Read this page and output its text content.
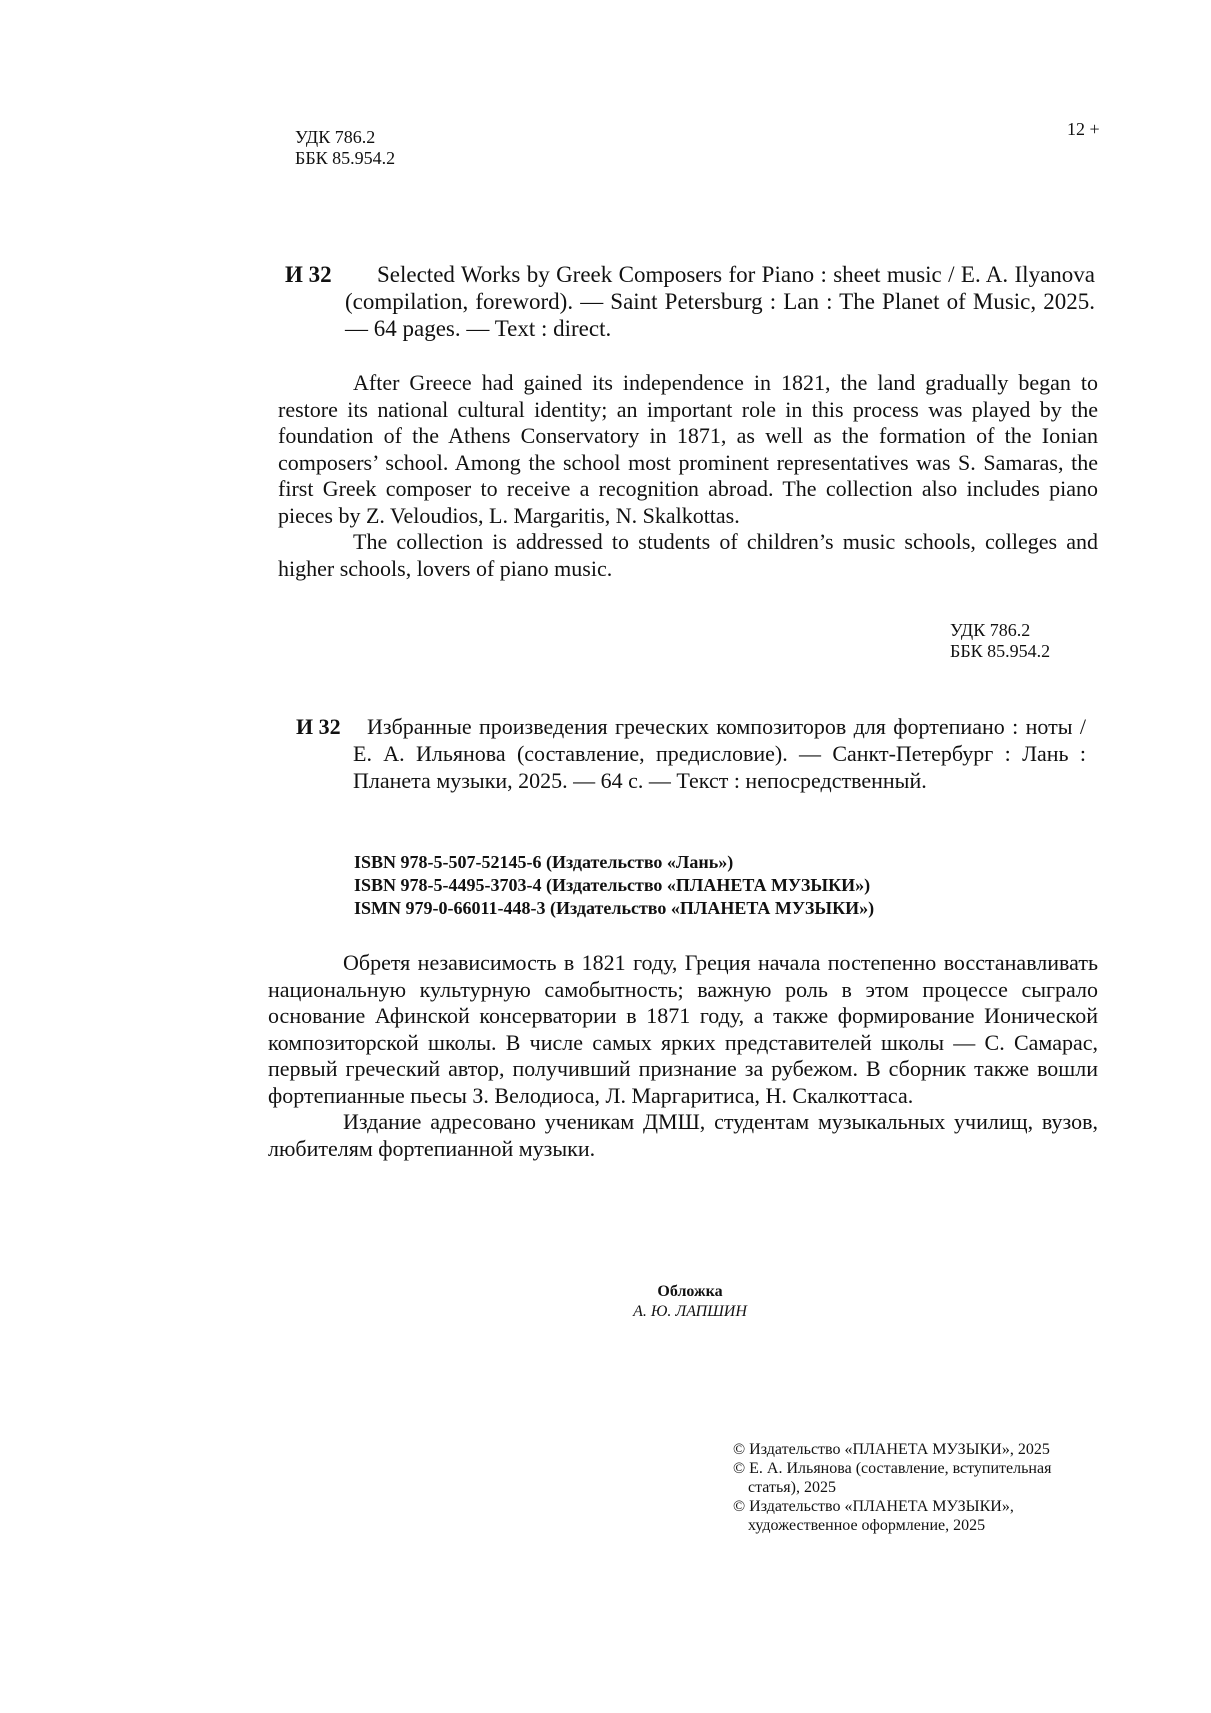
УДК 786.2
ББК 85.954.2
12 +
И 32	Selected Works by Greek Composers for Piano : sheet music / E. A. Ilyanova (compilation, foreword). — Saint Petersburg : Lan : The Planet of Music, 2025. — 64 pages. — Text : direct.

After Greece had gained its independence in 1821, the land gradually began to restore its national cultural identity; an important role in this process was played by the foundation of the Athens Conservatory in 1871, as well as the formation of the Ionian composers’ school. Among the school most prominent representatives was S. Samaras, the first Greek composer to receive a recognition abroad. The collection also includes piano pieces by Z. Veloudios, L. Margaritis, N. Skalkottas.

The collection is addressed to students of children’s music schools, colleges and higher schools, lovers of piano music.

УДК 786.2
ББК 85.954.2
И 32	Избранные произведения греческих композиторов для фортепиано : ноты / Е. А. Ильянова (составление, предисловие). — Санкт-Петербург : Лань : Планета музыки, 2025. — 64 с. — Текст : непосредственный.
ISBN 978-5-507-52145-6 (Издательство «Лань»)
ISBN 978-5-4495-3703-4 (Издательство «ПЛАНЕТА МУЗЫКИ»)
ISMN 979-0-66011-448-3 (Издательство «ПЛАНЕТА МУЗЫКИ»)

Обретя независимость в 1821 году, Греция начала постепенно восстанавливать национальную культурную самобытность; важную роль в этом процессе сыграло основание Афинской консерватории в 1871 году, а также формирование Ионической композиторской школы. В числе самых ярких представителей школы — С. Самарас, первый греческий автор, получивший признание за рубежом. В сборник также вошли фортепианные пьесы З. Велодиоса, Л. Маргаритиса, Н. Скалкоттаса.

Издание адресовано ученикам ДМШ, студентам музыкальных училищ, вузов, любителям фортепианной музыки.

Обложка
А. Ю. ЛАПШИН
© Издательство «ПЛАНЕТА МУЗЫКИ», 2025
© Е. А. Ильянова (составление, вступительная статья), 2025
© Издательство «ПЛАНЕТА МУЗЫКИ», художественное оформление, 2025
